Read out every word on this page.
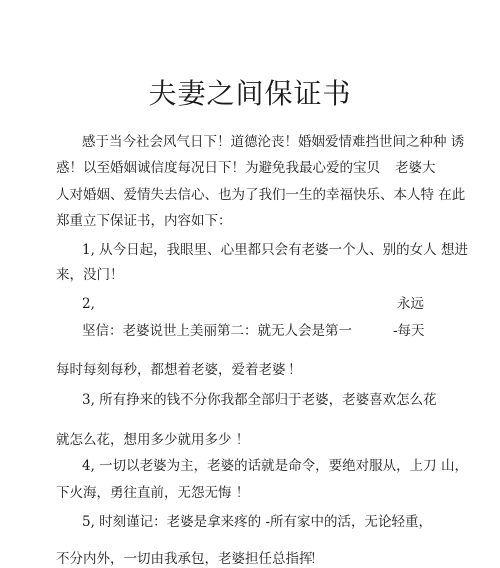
夫妻之间保证书
感于当今社会风气日下！道德沦丧！婚姻爱情难挡世间之种种 诱
惑！以至婚姻诚信度每况日下！为避免我最心爱的宝贝 老婆大
人对婚姻、爱情失去信心、也为了我们一生的幸福快乐、本人特 在此
郑重立下保证书，内容如下：
1, 从今日起，我眼里、心里都只会有老婆一个人、别的女人 想进
来，没门！
2,	永远
坚信：老婆说世上美丽第二：就无人会是第一	-每天
每时每刻每秒，都想着老婆，爱着老婆 ！
3, 所有挣来的钱不分你我都全部归于老婆，老婆喜欢怎么花
就怎么花，想用多少就用多少 ！
4, 一切以老婆为主，老婆的话就是命令，要绝对服从，上刀 山，
下火海，勇往直前，无怨无悔 ！
5, 时刻谨记：老婆是拿来疼的 -所有家中的活，无论轻重，
不分内外，一切由我承包，老婆担任总指挥
！
